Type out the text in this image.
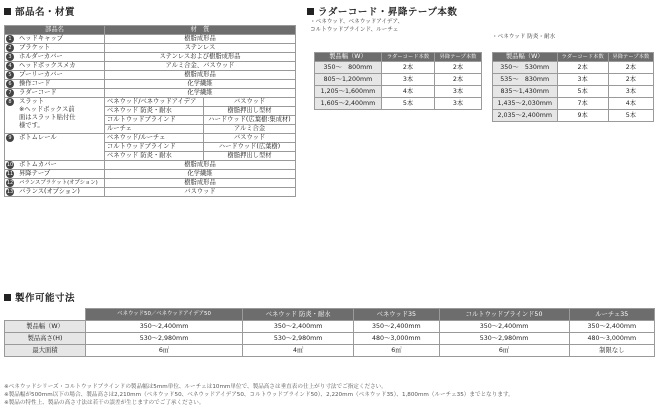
部品名・材質
部品名		材　質	
1	ヘッドキャップ	樹脂成形品	
2	ブラケット	ステンレス	
3	ホルダーカバー	ステンレスおよび樹脂成形品	
4	ヘッドボックスメカ	アルミ合金、バスウッド	
5	プーリーカバー	樹脂成形品	
6	操作コード	化学繊維	
7	ラダーコード	化学繊維	
8	スラット
※ヘッドボックス前
面はスラット貼付仕
様です。	ベネウッド/ベネウッドアイデア	バスウッド
		ベネウッド 防炎・耐水	樹脂押出し型材
		コルトウッドブラインド	ハードウッド(広葉樹:集成材)
		ルーチェ	アルミ合金
9	ボトムレール	ベネウッド/ルーチェ	バスウッド
		コルトウッドブラインド	ハードウッド(広葉樹)
		ベネウッド 防炎・耐水	樹脂押出し型材
10	ボトムカバー	樹脂成形品	
11	昇降テープ	化学繊維	
12	バランスブラケット(オプション)	樹脂成形品	
13	バランス(オプション)	バスウッド	
ラダーコード・昇降テープ本数
・ベネウッド、ベネウッドアイデア、
コルトウッドブラインド、ルーチェ
・ベネウッド 防炎・耐水
製品幅（W）	ラダーコード本数	昇降テープ本数
350〜　800mm	2本	2本
805〜1,200mm	3本	2本
1,205〜1,600mm	4本	3本
1,605〜2,400mm	5本	3本
製品幅（W）	ラダーコード本数	昇降テープ本数
350〜　530mm	2本	2本
535〜　830mm	3本	2本
835〜1,430mm	5本	3本
1,435〜2,030mm	7本	4本
2,035〜2,400mm	9本	5本
製作可能寸法
	ベネウッド50／ベネウッドアイデア50	ベネウッド 防炎・耐水	ベネウッド35	コルトウッドブラインド50	ルーチェ35
製品幅（W）	350〜2,400mm	350〜2,400mm	350〜2,400mm	350〜2,400mm	350〜2,400mm
製品高さ(H)	530〜2,980mm	530〜2,980mm	480〜3,000mm	530〜2,980mm	480〜3,000mm
最大面積	6㎡	4㎡	6㎡	6㎡	制限なし
※ベネウッドシリーズ・コルトウッドブラインドの製品幅は5mm単位、ルーチェは10mm単位で、製品高さは垂直表の仕上がり寸法でご指定ください。
※製品幅が500mm以下の場合、製品高さは2,210mm（ベネウッド50、ベネウッドアイデア50、コルトウッドブラインド50）、2,220mm（ベネウッド35）、1,800mm（ルーチェ35）までとなります。
※製品の特性上、製品の高さ寸法は若干の誤差が生じますのでご了承ください。
